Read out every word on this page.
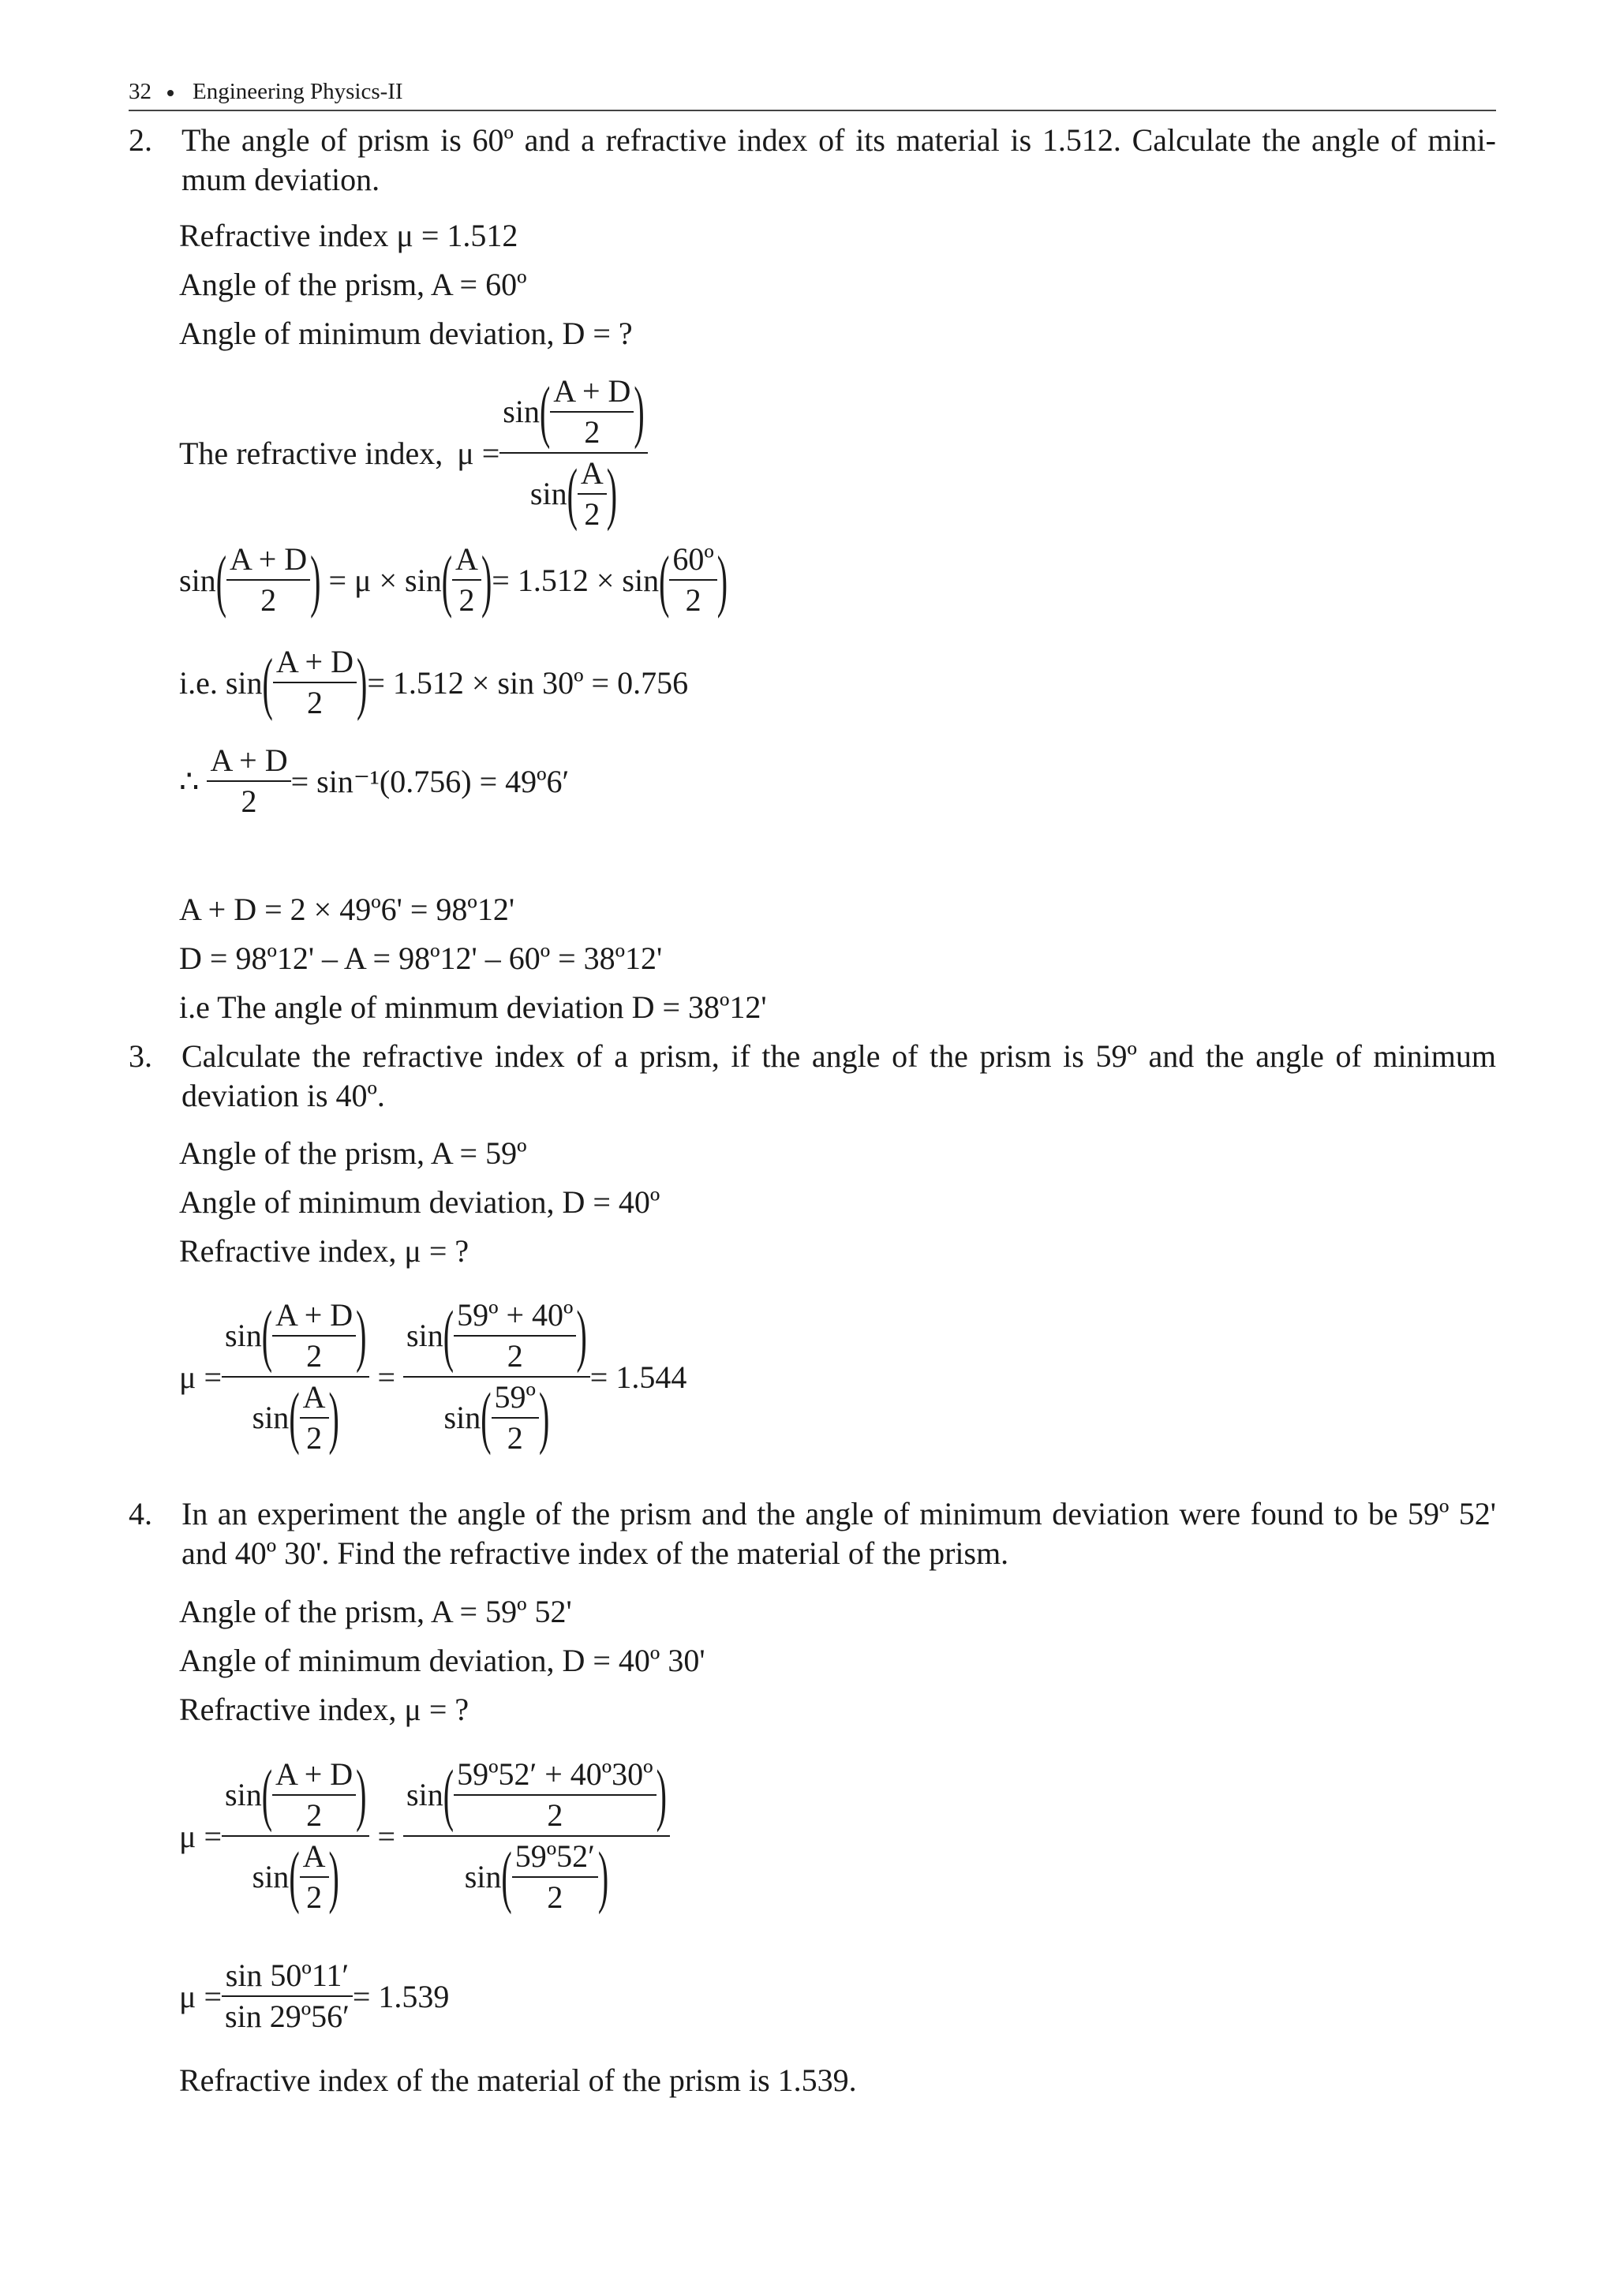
32 Engineering Physics-II
2. The angle of prism is 60º and a refractive index of its material is 1.512. Calculate the angle of mini-mum deviation.
Refractive index μ = 1.512
Angle of the prism, A = 60º
Angle of minimum deviation, D = ?
The refractive index, $\mu = \frac{\sin ( \frac{A + D}{2} )}{\sin ( \frac{A}{2} )}$
sin ( $\frac{A + D}{2}$ ) = μ × sin ( $\frac{A}{2}$ ) = 1.512 × sin ( $\frac{\text{60º}}{2}$ )
i.e. sin ( $\frac{A + D}{2}$ ) = 1.512 × sin 30º = 0.756
∴ $\frac{A + D}{2} = \sin^{-1}(0.756)$ = 49º6′
A + D = 2 × 49º6' = 98º12'
D = 98º12' – A = 98º12' – 60º = 38º12'
i.e The angle of minmum deviation D = 38º12'
3. Calculate the refractive index of a prism, if the angle of the prism is 59º and the angle of minimum deviation is 40º.
Angle of the prism, A = 59º
Angle of minimum deviation, D = 40º
Refractive index, μ = ?
$\mu = \frac{\sin ( \frac{A + D}{2} )}{\sin ( \frac{A}{2} )} = \frac{\sin ( \frac{\text{59º + 40º}}{2} )}{\sin ( \frac{\text{59º}}{2} )} = 1.544$
4. In an experiment the angle of the prism and the angle of minimum deviation were found to be 59º 52' and 40º 30'. Find the refractive index of the material of the prism.
Angle of the prism, A = 59º 52'
Angle of minimum deviation, D = 40º 30'
Refractive index, μ = ?
$\mu = \frac{\sin ( \frac{A + D}{2} )}{\sin ( \frac{A}{2} )} = \frac{\sin ( \frac{\text{59º52′ + 40º30º}}{2} )}{\sin ( \frac{\text{59º52′}}{2} )}$
$\mu = \frac{\text{sin 50º11′}}{\text{sin 29º56′}} = 1.539$
Refractive index of the material of the prism is 1.539.
